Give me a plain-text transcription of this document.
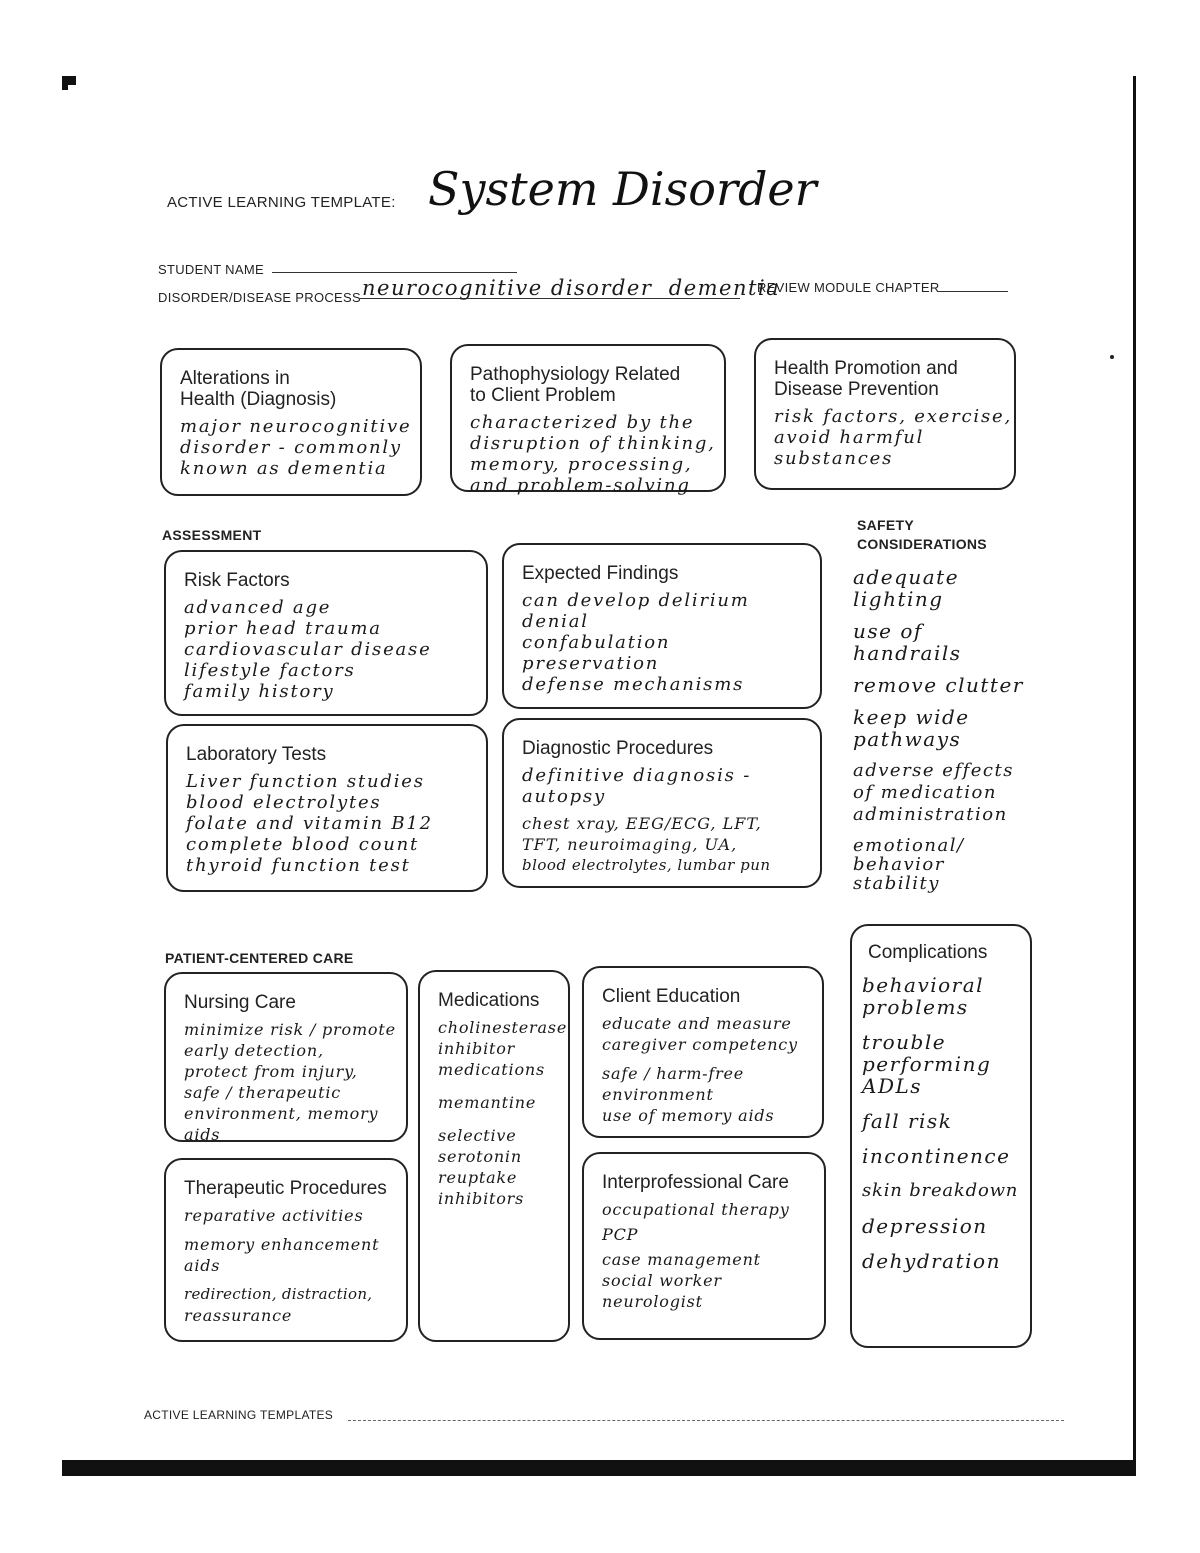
ACTIVE LEARNING TEMPLATE: System Disorder
STUDENT NAME
DISORDER/DISEASE PROCESS neurocognitive disorder  dementia
REVIEW MODULE CHAPTER
Alterations in
Health (Diagnosis)
major neurocognitive
disorder - commonly
known as dementia
Pathophysiology Related
to Client Problem
characterized by the
disruption of thinking,
memory, processing,
and problem-solving
Health Promotion and
Disease Prevention
risk factors, exercise,
avoid harmful
substances
ASSESSMENT
Risk Factors
advanced age
prior head trauma
cardiovascular disease
lifestyle factors
family history
Expected Findings
can develop delirium
denial
confabulation
preservation
defense mechanisms
Laboratory Tests
Liver function studies
blood electrolytes
folate and vitamin B12
complete blood count
thyroid function test
Diagnostic Procedures
definitive diagnosis -
autopsy
chest xray, EEG/ECG, LFT,
TFT, neuroimaging, UA,
blood electrolytes, lumbar pun
SAFETY
CONSIDERATIONS
adequate
lighting
use of
handrails
remove clutter
keep wide
pathways
adverse effects
of medication
administration
emotional/
behavior
stability
PATIENT-CENTERED CARE
Nursing Care
minimize risk / promote
early detection,
protect from injury,
safe / therapeutic
environment, memory
aids
Medications
cholinesterase
inhibitor
medications
memantine
selective
serotonin
reuptake
inhibitors
Client Education
educate and measure
caregiver competency
safe / harm-free
environment
use of memory aids
Therapeutic Procedures
reparative activities
memory enhancement
aids
redirection, distraction,
reassurance
Interprofessional Care
occupational therapy
PCP
case management
social worker
neurologist
Complications
behavioral
problems
trouble
performing
ADLs
fall risk
incontinence
skin breakdown
depression
dehydration
ACTIVE LEARNING TEMPLATES
